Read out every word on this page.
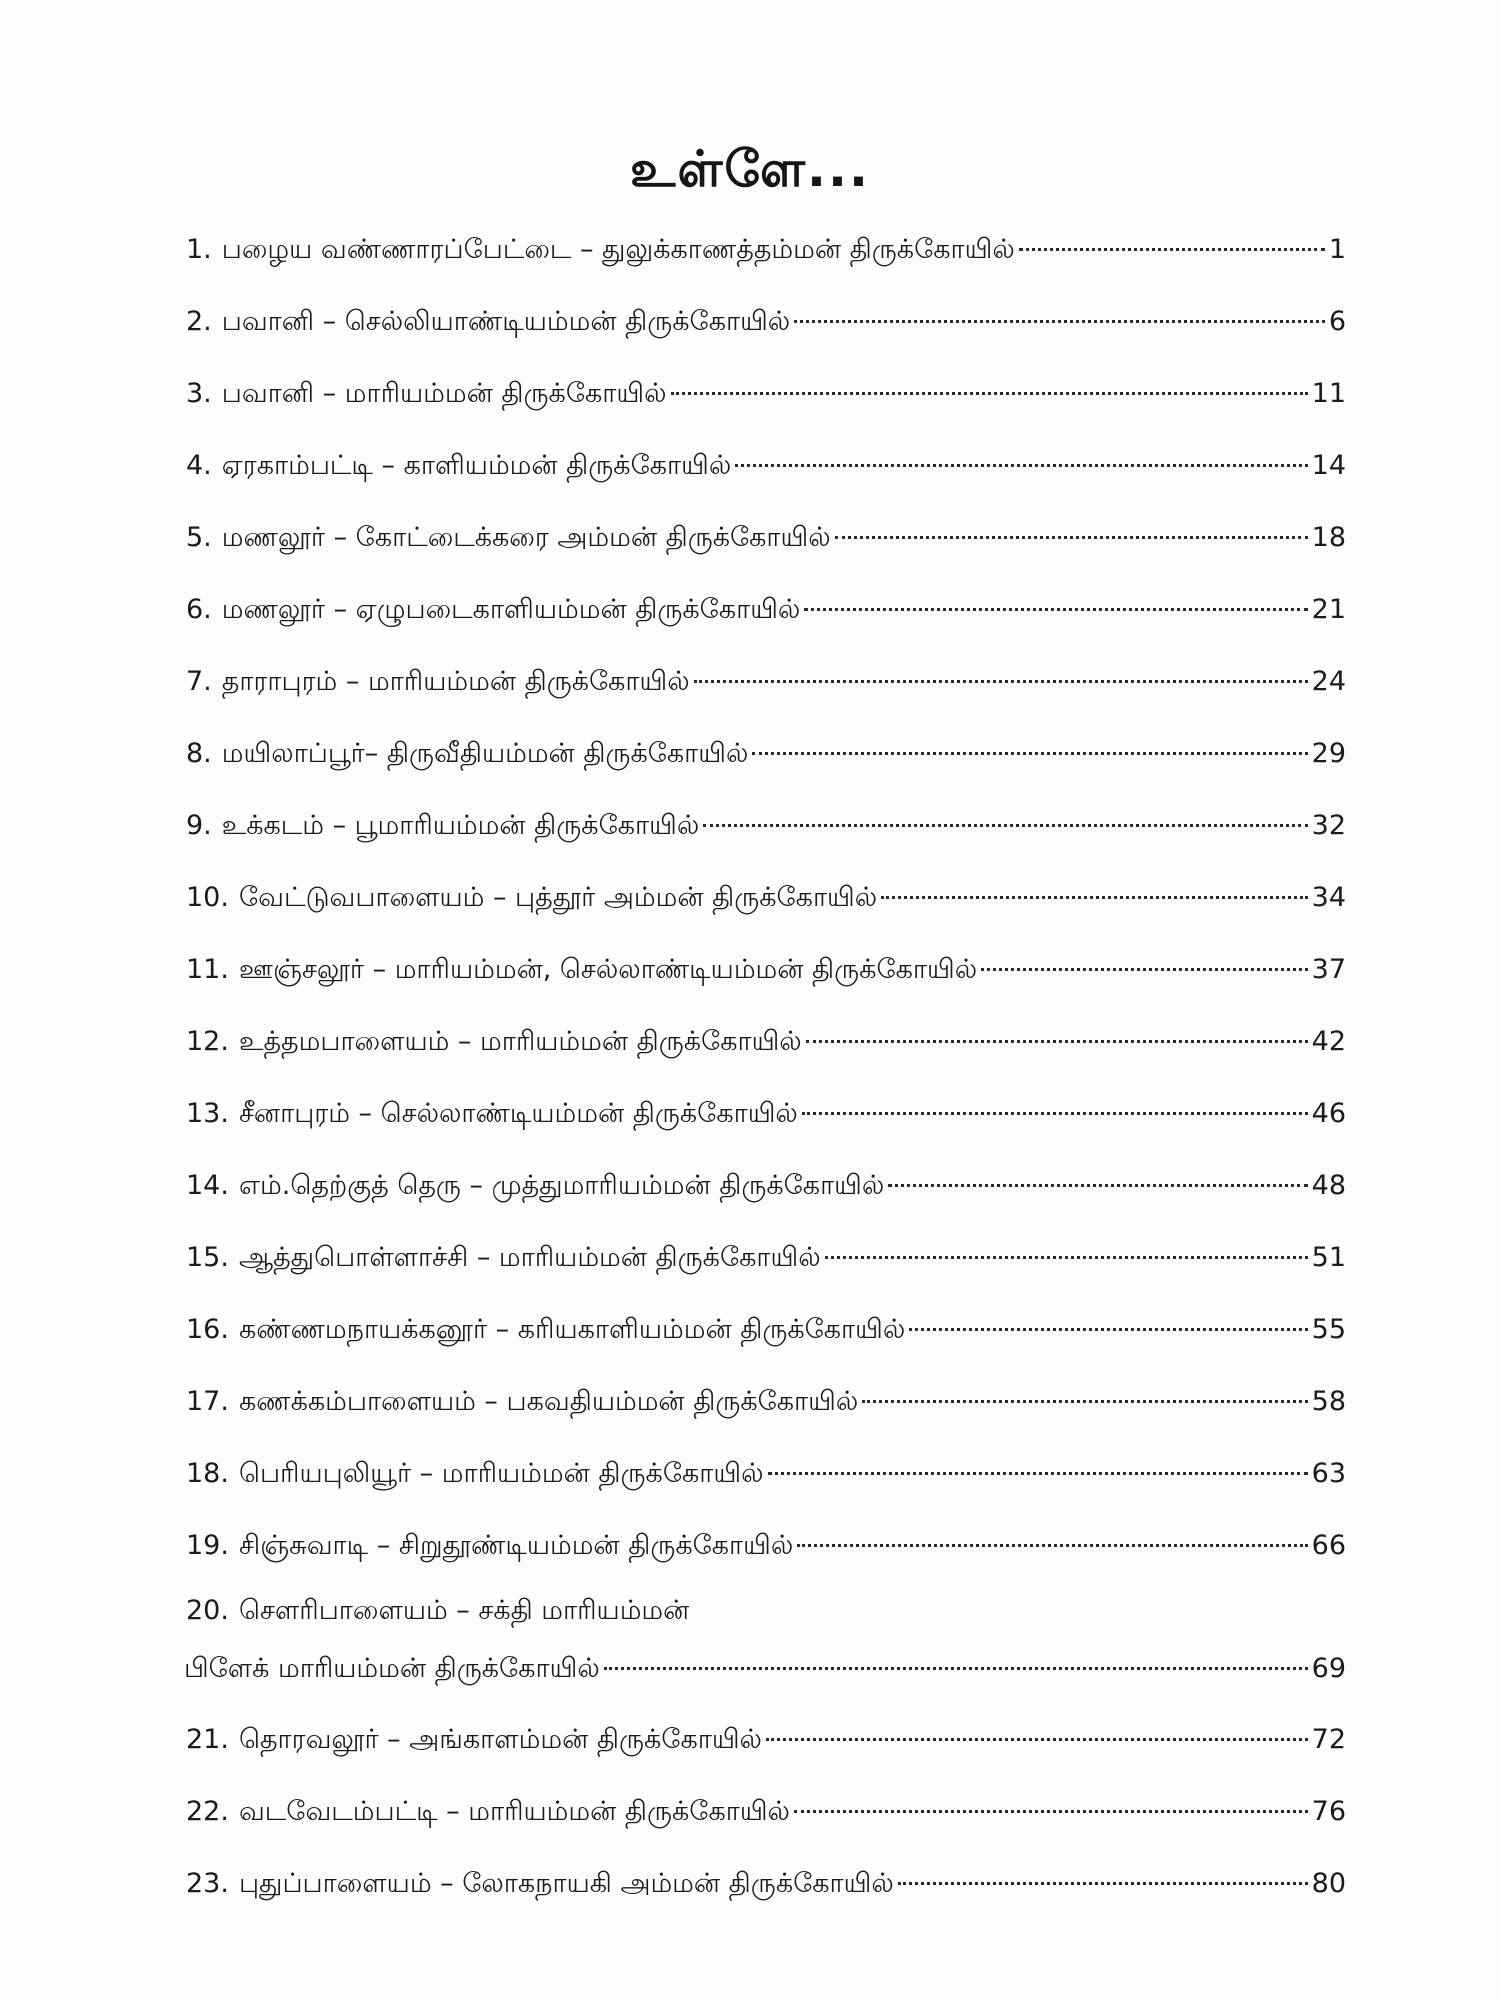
உள்ளே...
1. பழைய வண்ணாரப்பேட்டை – துலுக்காணத்தம்மன் திருக்கோயில்	1
2. பவானி – செல்லியாண்டியம்மன் திருக்கோயில்	6
3. பவானி – மாரியம்மன் திருக்கோயில்	11
4. ஏரகாம்பட்டி – காளியம்மன் திருக்கோயில்	14
5. மணலூர் – கோட்டைக்கரை அம்மன் திருக்கோயில்	18
6. மணலூர் – ஏழுபடைகாளியம்மன் திருக்கோயில்	21
7. தாராபுரம் – மாரியம்மன் திருக்கோயில்	24
8. மயிலாப்பூர்– திருவீதியம்மன் திருக்கோயில்	29
9. உக்கடம் – பூமாரியம்மன் திருக்கோயில்	32
10. வேட்டுவபாளையம் – புத்தூர் அம்மன் திருக்கோயில்	34
11. ஊஞ்சலூர் – மாரியம்மன், செல்லாண்டியம்மன் திருக்கோயில்	37
12. உத்தமபாளையம் – மாரியம்மன் திருக்கோயில்	42
13. சீனாபுரம் – செல்லாண்டியம்மன் திருக்கோயில்	46
14. எம்.தெற்குத் தெரு – முத்துமாரியம்மன் திருக்கோயில்	48
15. ஆத்துபொள்ளாச்சி – மாரியம்மன் திருக்கோயில்	51
16. கண்ணமநாயக்கனூர் – கரியகாளியம்மன் திருக்கோயில்	55
17. கணக்கம்பாளையம் – பகவதியம்மன் திருக்கோயில்	58
18. பெரியபுலியூர் – மாரியம்மன் திருக்கோயில்	63
19. சிஞ்சுவாடி – சிறுதூண்டியம்மன் திருக்கோயில்	66
20. சௌரிபாளையம் – சக்தி மாரியம்மன்
பிளேக் மாரியம்மன் திருக்கோயில்	69
21. தொரவலூர் – அங்காளம்மன் திருக்கோயில்	72
22. வடவேடம்பட்டி – மாரியம்மன் திருக்கோயில்	76
23. புதுப்பாளையம் – லோகநாயகி அம்மன் திருக்கோயில்	80
